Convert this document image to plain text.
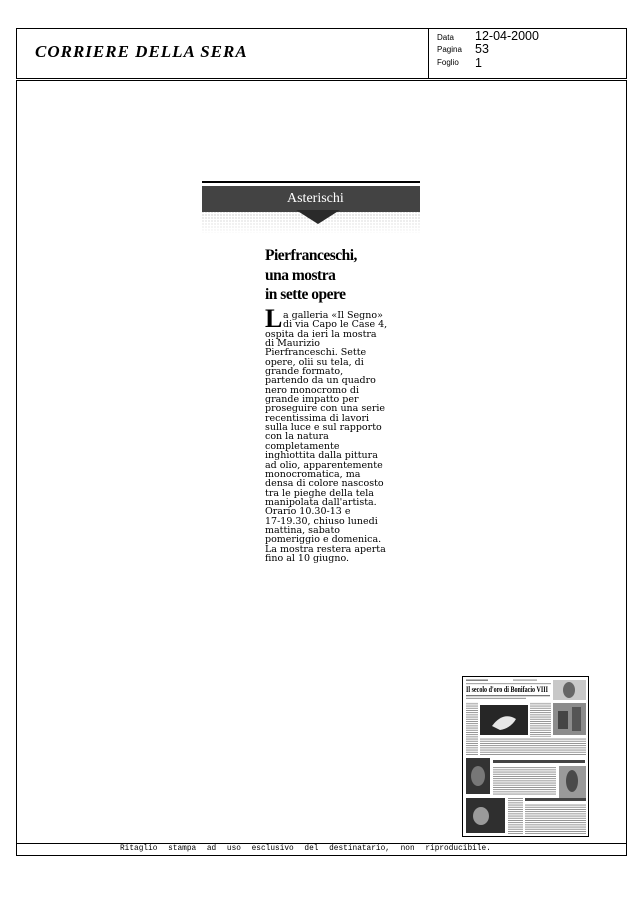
CORRIERE DELLA SERA
Data 12-04-2000
Pagina 53
Foglio 1
Asterischi
Pierfranceschi,
una mostra
in sette opere
L a galleria «Il Segno»
di via Capo le Case 4,
ospita da ieri la mostra
di Maurizio
Pierfranceschi. Sette
opere, olii su tela, di
grande formato,
partendo da un quadro
nero monocromo di
grande impatto per
proseguire con una serie
recentissima di lavori
sulla luce e sul rapporto
con la natura
completamente
inghiottita dalla pittura
ad olio, apparentemente
monocromatica, ma
densa di colore nascosto
tra le pieghe della tela
manipolata dall'artista.
Orario 10.30-13 e
17-19.30, chiuso lunedi
mattina, sabato
pomeriggio e domenica.
La mostra restera aperta
fino al 10 giugno.
Il secolo d'oro di Bonifacio VIII
Ritaglio stampa ad uso esclusivo del destinatario, non riproducibile.
